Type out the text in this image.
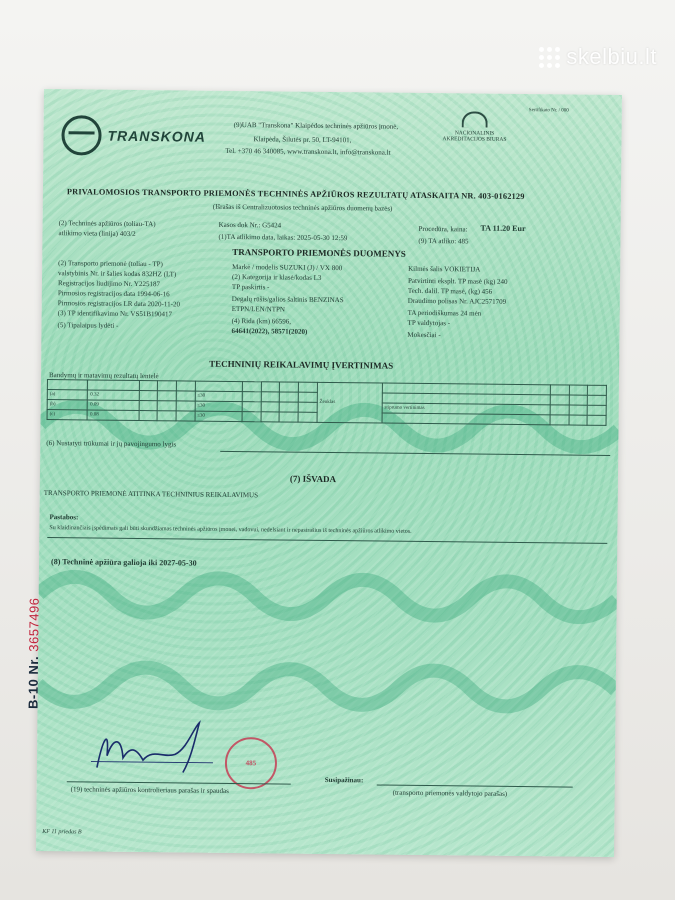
skelbiu.lt
TRANSKONA
(9)UAB "Transkona" Klaipėdos techninės apžiūros įmonė,
Klaipėda, Šilutės pr. 50, LT-94101,
Tel. +370 46 340085, www.transkona.lt, info@transkona.lt
NACIONALINIS
AKREDITACIJOS BIURAS
Sertifikato Nr. / 000
PRIVALOMOSIOS TRANSPORTO PRIEMONĖS TECHNINĖS APŽIŪROS REZULTATŲ ATASKAITA NR. 403-0162129
(Išrašas iš Centralizuotosios techninės apžiūros duomenų bazės)
(2) Techninės apžiūros (toliau-TA)
atlikimo vieta (linija) 403/2
Kasos dok Nr.: G5424
(1)TA atlikimo data, laikas: 2025-05-30 12:59
Procedūra, kaina: TA 11.20 Eur
(9) TA atliko: 485
TRANSPORTO PRIEMONĖS DUOMENYS
(2) Transporto priemonė (toliau - TP)
valstybinis Nr. ir šalies kodas 832HZ (LT)
Registracijos liudijimo Nr. Y225187
Pirmosios registracijos data 1994-06-16
Pirmosios registracijos LR data 2020-11-20
(3) TP identifikavimo Nr. VS51B190417
(5) Tipalaipus lydėti -
Markė / modelis SUZUKI (J) / VX 800
(2) Kategorija ir klasė/kodas L3
TP paskirtis -
Degalų rūšis/galios šaltinis BENZINAS
ETPN/LEN/NTPN
(4) Rida (km) 66596,
64641(2022), 58571(2020)
Kilmės šalis VOKIETIJA
Patvirtinti eksplt. TP masė (kg) 240
Tech. dalil. TP masė, (kg) 456
Draudimo polisas Nr. AJC2571709
TA periodiškumas 24 mėn
TP valdytojas -
Mokesčiai -
TECHNINIŲ REIKALAVIMŲ ĮVERTINIMAS
Bandymų ir matavimų rezultatų lentelė
										Ženklas				
(a)	0.32				≤30									
(b)	0.09				≤30						stiprumo vertinimas			
(c)	0.08				≤30									
(6) Nustatyti trūkumai ir jų pavojingumo lygis
(7) IŠVADA
TRANSPORTO PRIEMONĖ ATITINKA TECHNINIUS REIKALAVIMUS
Pastabos:
Su klaidinančiais įspėdimais gali būti skundžiamas techninės apžiūros įmonei, vadovui, nedelsiant ir nepasirašius iš techninės apžiūros atlikimo vietos.
(8) Techninė apžiūra galioja iki 2027-05-30
B-10 Nr. 3657496
485
(19) techninės apžiūros kontrolieriaus parašas ir spaudas
Susipažinau:
(transporto priemonės valdytojo parašas)
KF 11 priedas B
